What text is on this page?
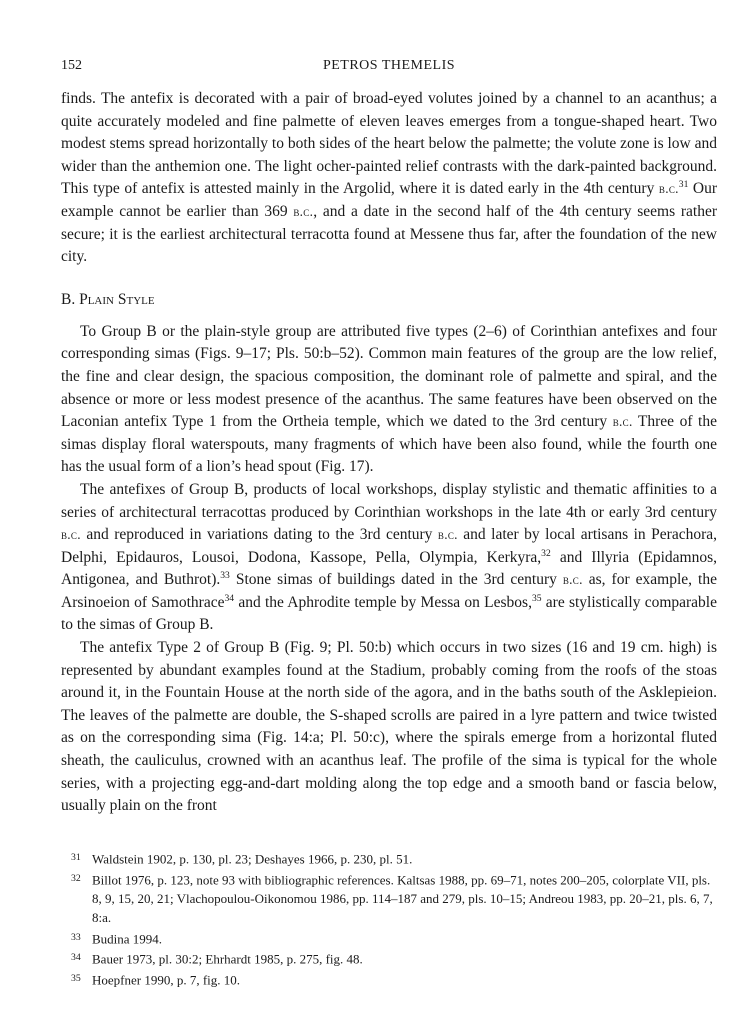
152	PETROS THEMELIS

finds. The antefix is decorated with a pair of broad-eyed volutes joined by a channel to an acanthus; a quite accurately modeled and fine palmette of eleven leaves emerges from a tongue-shaped heart. Two modest stems spread horizontally to both sides of the heart below the palmette; the volute zone is low and wider than the anthemion one. The light ocher-painted relief contrasts with the dark-painted background. This type of antefix is attested mainly in the Argolid, where it is dated early in the 4th century b.c.$^{31}$ Our example cannot be earlier than 369 b.c., and a date in the second half of the 4th century seems rather secure; it is the earliest architectural terracotta found at Messene thus far, after the foundation of the new city.

B. Plain Style

To Group B or the plain-style group are attributed five types (2–6) of Corinthian antefixes and four corresponding simas (Figs. 9–17; Pls. 50:b–52). Common main features of the group are the low relief, the fine and clear design, the spacious composition, the dominant role of palmette and spiral, and the absence or more or less modest presence of the acanthus. The same features have been observed on the Laconian antefix Type 1 from the Ortheia temple, which we dated to the 3rd century b.c. Three of the simas display floral waterspouts, many fragments of which have been also found, while the fourth one has the usual form of a lion’s head spout (Fig. 17).

The antefixes of Group B, products of local workshops, display stylistic and thematic affinities to a series of architectural terracottas produced by Corinthian workshops in the late 4th or early 3rd century b.c. and reproduced in variations dating to the 3rd century b.c. and later by local artisans in Perachora, Delphi, Epidauros, Lousoi, Dodona, Kassope, Pella, Olympia, Kerkyra,$^{32}$ and Illyria (Epidamnos, Antigonea, and Buthrot).$^{33}$ Stone simas of buildings dated in the 3rd century b.c. as, for example, the Arsinoeion of Samothrace$^{34}$ and the Aphrodite temple by Messa on Lesbos,$^{35}$ are stylistically comparable to the simas of Group B.

The antefix Type 2 of Group B (Fig. 9; Pl. 50:b) which occurs in two sizes (16 and 19 cm. high) is represented by abundant examples found at the Stadium, probably coming from the roofs of the stoas around it, in the Fountain House at the north side of the agora, and in the baths south of the Asklepieion. The leaves of the palmette are double, the S-shaped scrolls are paired in a lyre pattern and twice twisted as on the corresponding sima (Fig. 14:a; Pl. 50:c), where the spirals emerge from a horizontal fluted sheath, the cauliculus, crowned with an acanthus leaf. The profile of the sima is typical for the whole series, with a projecting egg-and-dart molding along the top edge and a smooth band or fascia below, usually plain on the front

31 Waldstein 1902, p. 130, pl. 23; Deshayes 1966, p. 230, pl. 51.

32 Billot 1976, p. 123, note 93 with bibliographic references. Kaltsas 1988, pp. 69–71, notes 200–205, colorplate VII, pls. 8, 9, 15, 20, 21; Vlachopoulou-Oikonomou 1986, pp. 114–187 and 279, pls. 10–15; Andreou 1983, pp. 20–21, pls. 6, 7, 8:a.

33 Budina 1994.

34 Bauer 1973, pl. 30:2; Ehrhardt 1985, p. 275, fig. 48.

35 Hoepfner 1990, p. 7, fig. 10.
